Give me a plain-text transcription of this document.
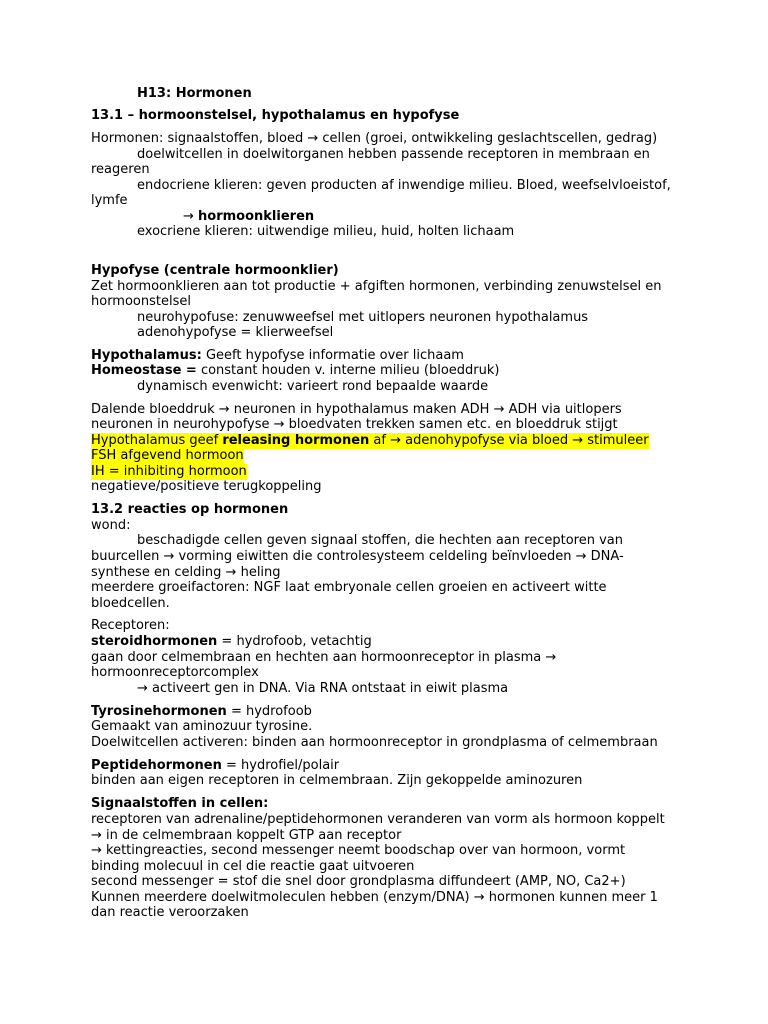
H13: Hormonen
13.1 – hormoonstelsel, hypothalamus en hypofyse
Hormonen: signaalstoffen, bloed → cellen (groei, ontwikkeling geslachtscellen, gedrag)
doelwitcellen in doelwitorganen hebben passende receptoren in membraan en
reageren
endocriene klieren: geven producten af inwendige milieu. Bloed, weefselvloeistof,
lymfe
→ hormoonklieren
exocriene klieren: uitwendige milieu, huid, holten lichaam
Hypofyse (centrale hormoonklier)
Zet hormoonklieren aan tot productie + afgiften hormonen, verbinding zenuwstelsel en
hormoonstelsel
neurohypofuse: zenuwweefsel met uitlopers neuronen hypothalamus
adenohypofyse = klierweefsel
Hypothalamus: Geeft hypofyse informatie over lichaam
Homeostase = constant houden v. interne milieu (bloeddruk)
dynamisch evenwicht: varieert rond bepaalde waarde
Dalende bloeddruk → neuronen in hypothalamus maken ADH → ADH via uitlopers
neuronen in neurohypofyse → bloedvaten trekken samen etc. en bloeddruk stijgt
Hypothalamus geef releasing hormonen af → adenohypofyse via bloed → stimuleer
FSH afgevend hormoon
IH = inhibiting hormoon
negatieve/positieve terugkoppeling
13.2 reacties op hormonen
wond:
beschadigde cellen geven signaal stoffen, die hechten aan receptoren van
buurcellen → vorming eiwitten die controlesysteem celdeling beïnvloeden → DNA-
synthese en celding → heling
meerdere groeifactoren: NGF laat embryonale cellen groeien en activeert witte
bloedcellen.
Receptoren:
steroidhormonen = hydrofoob, vetachtig
gaan door celmembraan en hechten aan hormoonreceptor in plasma →
hormoonreceptorcomplex
→ activeert gen in DNA. Via RNA ontstaat in eiwit plasma
Tyrosinehormonen = hydrofoob
Gemaakt van aminozuur tyrosine.
Doelwitcellen activeren: binden aan hormoonreceptor in grondplasma of celmembraan
Peptidehormonen = hydrofiel/polair
binden aan eigen receptoren in celmembraan. Zijn gekoppelde aminozuren
Signaalstoffen in cellen:
receptoren van adrenaline/peptidehormonen veranderen van vorm als hormoon koppelt
→ in de celmembraan koppelt GTP aan receptor
→ kettingreacties, second messenger neemt boodschap over van hormoon, vormt
binding molecuul in cel die reactie gaat uitvoeren
second messenger = stof die snel door grondplasma diffundeert (AMP, NO, Ca2+)
Kunnen meerdere doelwitmoleculen hebben (enzym/DNA) → hormonen kunnen meer 1
dan reactie veroorzaken
